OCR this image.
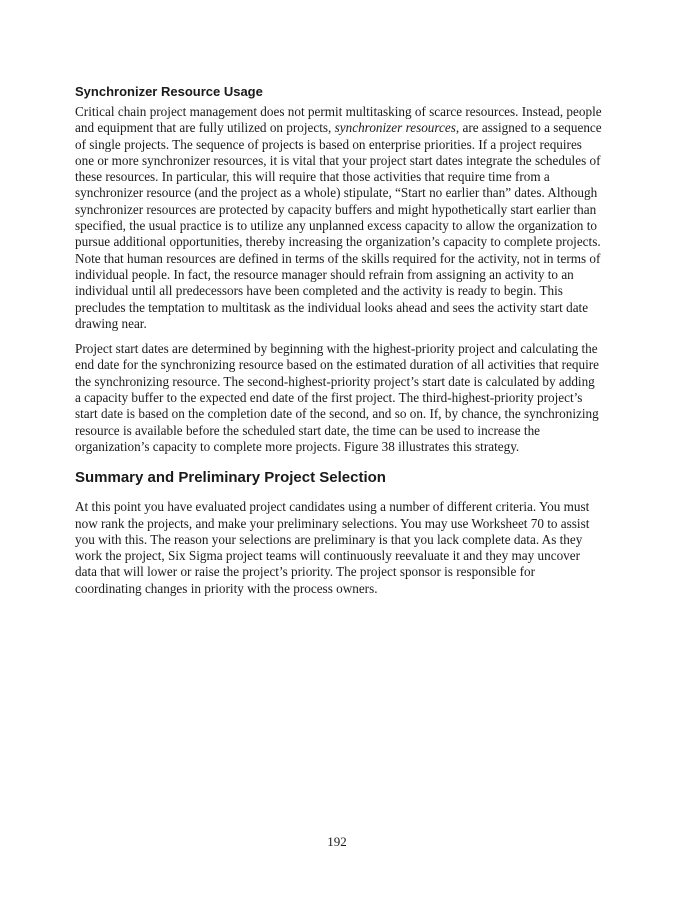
Synchronizer Resource Usage

Critical chain project management does not permit multitasking of scarce resources. Instead, people and equipment that are fully utilized on projects, synchronizer resources, are assigned to a sequence of single projects. The sequence of projects is based on enterprise priorities. If a project requires one or more synchronizer resources, it is vital that your project start dates integrate the schedules of these resources. In particular, this will require that those activities that require time from a synchronizer resource (and the project as a whole) stipulate, “Start no earlier than” dates. Although synchronizer resources are protected by capacity buffers and might hypothetically start earlier than specified, the usual practice is to utilize any unplanned excess capacity to allow the organization to pursue additional opportunities, thereby increasing the organization’s capacity to complete projects. Note that human resources are defined in terms of the skills required for the activity, not in terms of individual people. In fact, the resource manager should refrain from assigning an activity to an individual until all predecessors have been completed and the activity is ready to begin. This precludes the temptation to multitask as the individual looks ahead and sees the activity start date drawing near.

Project start dates are determined by beginning with the highest-priority project and calculating the end date for the synchronizing resource based on the estimated duration of all activities that require the synchronizing resource. The second-highest-priority project’s start date is calculated by adding a capacity buffer to the expected end date of the first project. The third-highest-priority project’s start date is based on the completion date of the second, and so on. If, by chance, the synchronizing resource is available before the scheduled start date, the time can be used to increase the organization’s capacity to complete more projects. Figure 38 illustrates this strategy.

Summary and Preliminary Project Selection

At this point you have evaluated project candidates using a number of different criteria. You must now rank the projects, and make your preliminary selections. You may use Worksheet 70 to assist you with this. The reason your selections are preliminary is that you lack complete data. As they work the project, Six Sigma project teams will continuously reevaluate it and they may uncover data that will lower or raise the project’s priority. The project sponsor is responsible for coordinating changes in priority with the process owners.

192
